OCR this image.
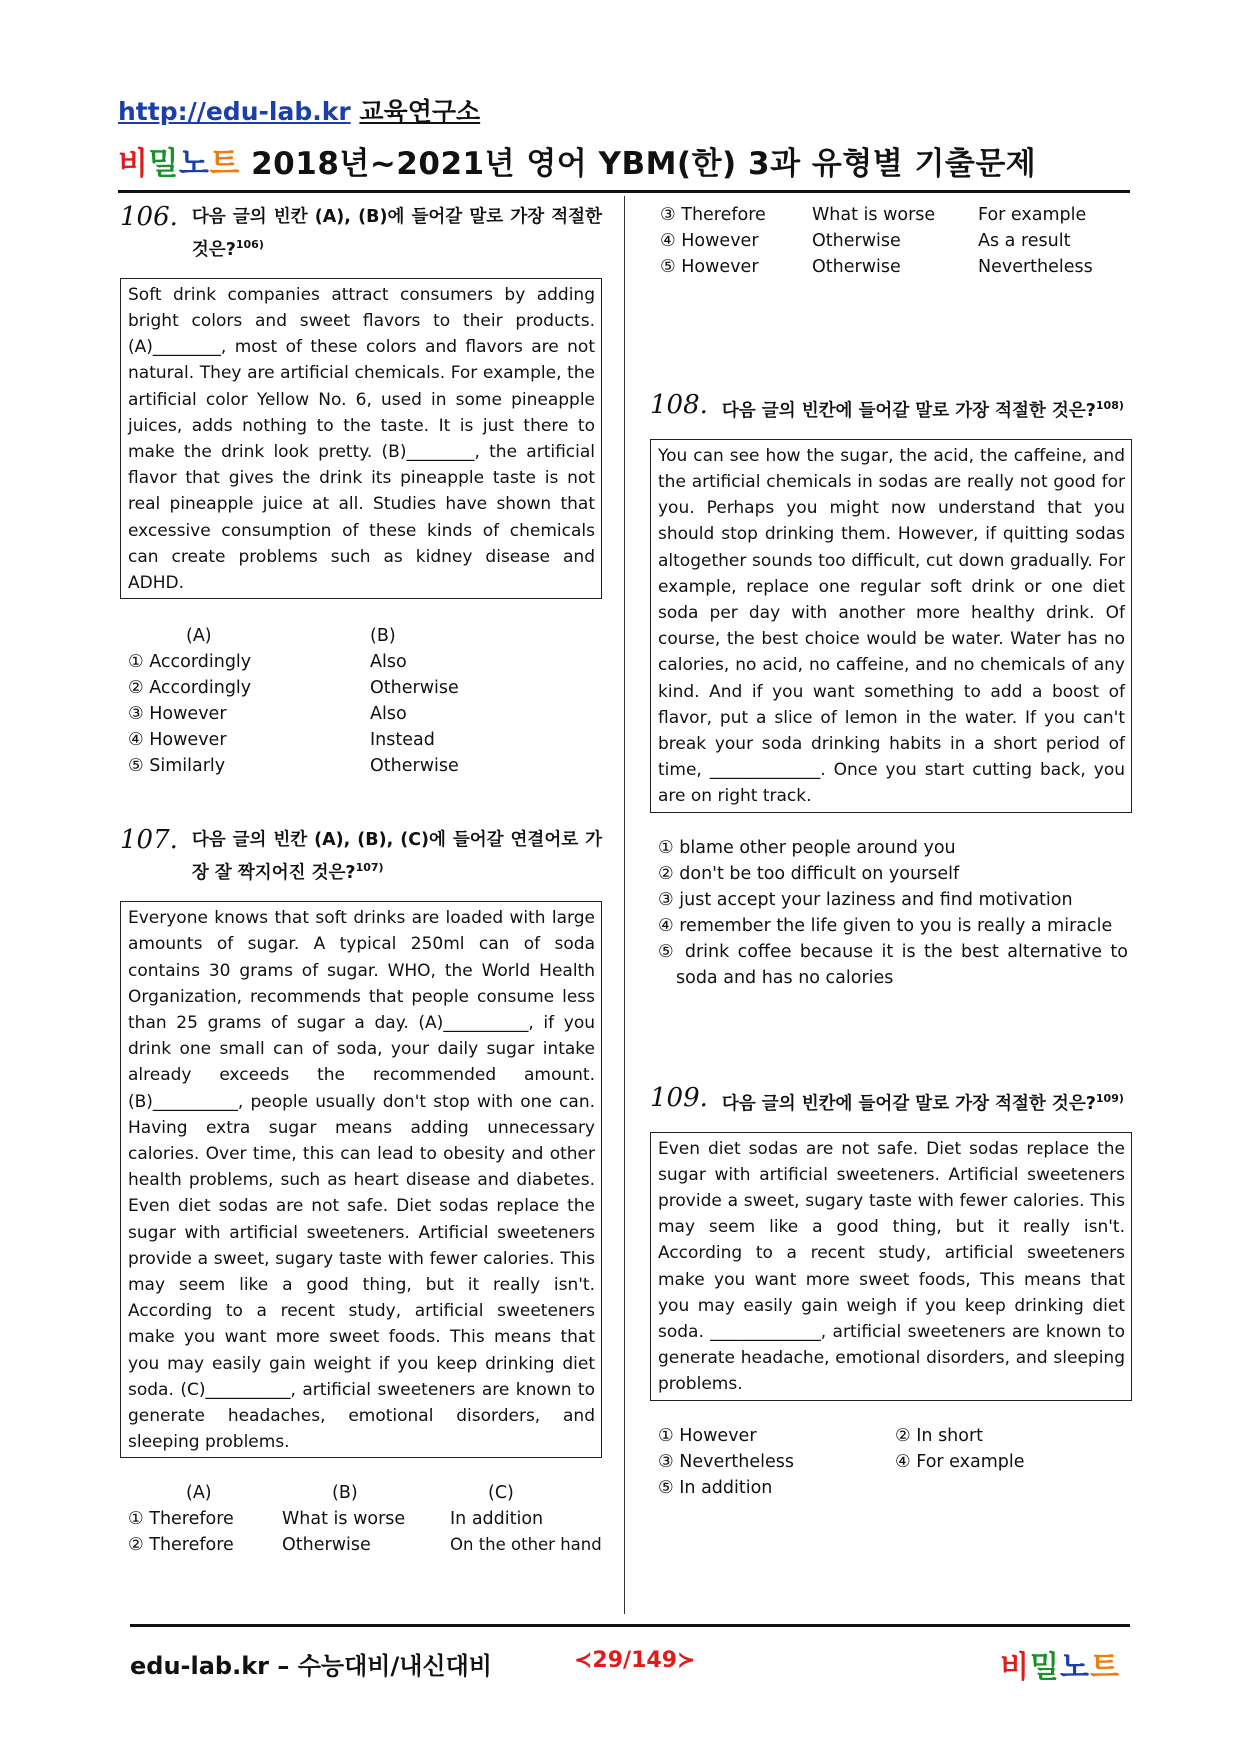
http://edu-lab.kr 교육연구소
비밀노트 2018년~2021년 영어 YBM(한) 3과 유형별 기출문제
106. 다음 글의 빈칸 (A), (B)에 들어갈 말로 가장 적절한 것은?$^{106)}$
Soft drink companies attract consumers by adding bright colors and sweet flavors to their products. (A)________, most of these colors and flavors are not natural. They are artificial chemicals. For example, the artificial color Yellow No. 6, used in some pineapple juices, adds nothing to the taste. It is just there to make the drink look pretty. (B)________, the artificial flavor that gives the drink its pineapple taste is not real pineapple juice at all. Studies have shown that excessive consumption of these kinds of chemicals can create problems such as kidney disease and ADHD.
(A)	(B)
① Accordingly	Also
② Accordingly	Otherwise
③ However	Also
④ However	Instead
⑤ Similarly	Otherwise
107. 다음 글의 빈칸 (A), (B), (C)에 들어갈 연결어로 가장 잘 짝지어진 것은?$^{107)}$
Everyone knows that soft drinks are loaded with large amounts of sugar. A typical 250ml can of soda contains 30 grams of sugar. WHO, the World Health Organization, recommends that people consume less than 25 grams of sugar a day. (A)__________, if you drink one small can of soda, your daily sugar intake already exceeds the recommended amount. (B)__________, people usually don't stop with one can. Having extra sugar means adding unnecessary calories. Over time, this can lead to obesity and other health problems, such as heart disease and diabetes. Even diet sodas are not safe. Diet sodas replace the sugar with artificial sweeteners. Artificial sweeteners provide a sweet, sugary taste with fewer calories. This may seem like a good thing, but it really isn't. According to a recent study, artificial sweeteners make you want more sweet foods. This means that you may easily gain weight if you keep drinking diet soda. (C)__________, artificial sweeteners are known to generate headaches, emotional disorders, and sleeping problems.
(A)	(B)	(C)
① Therefore	What is worse	In addition
② Therefore	Otherwise	On the other hand
③ Therefore	What is worse	For example
④ However	Otherwise	As a result
⑤ However	Otherwise	Nevertheless
108. 다음 글의 빈칸에 들어갈 말로 가장 적절한 것은?$^{108)}$
You can see how the sugar, the acid, the caffeine, and the artificial chemicals in sodas are really not good for you. Perhaps you might now understand that you should stop drinking them. However, if quitting sodas altogether sounds too difficult, cut down gradually. For example, replace one regular soft drink or one diet soda per day with another more healthy drink. Of course, the best choice would be water. Water has no calories, no acid, no caffeine, and no chemicals of any kind. And if you want something to add a boost of flavor, put a slice of lemon in the water. If you can't break your soda drinking habits in a short period of time, _____________. Once you start cutting back, you are on right track.
① blame other people around you
② don't be too difficult on yourself
③ just accept your laziness and find motivation
④ remember the life given to you is really a miracle
⑤ drink coffee because it is the best alternative to soda and has no calories
109. 다음 글의 빈칸에 들어갈 말로 가장 적절한 것은?$^{109)}$
Even diet sodas are not safe. Diet sodas replace the sugar with artificial sweeteners. Artificial sweeteners provide a sweet, sugary taste with fewer calories. This may seem like a good thing, but it really isn't. According to a recent study, artificial sweeteners make you want more sweet foods, This means that you may easily gain weigh if you keep drinking diet soda. _____________, artificial sweeteners are known to generate headache, emotional disorders, and sleeping problems.
① However	② In short
③ Nevertheless	④ For example
⑤ In addition
edu-lab.kr – 수능대비/내신대비	≺29/149≻	비밀노트
